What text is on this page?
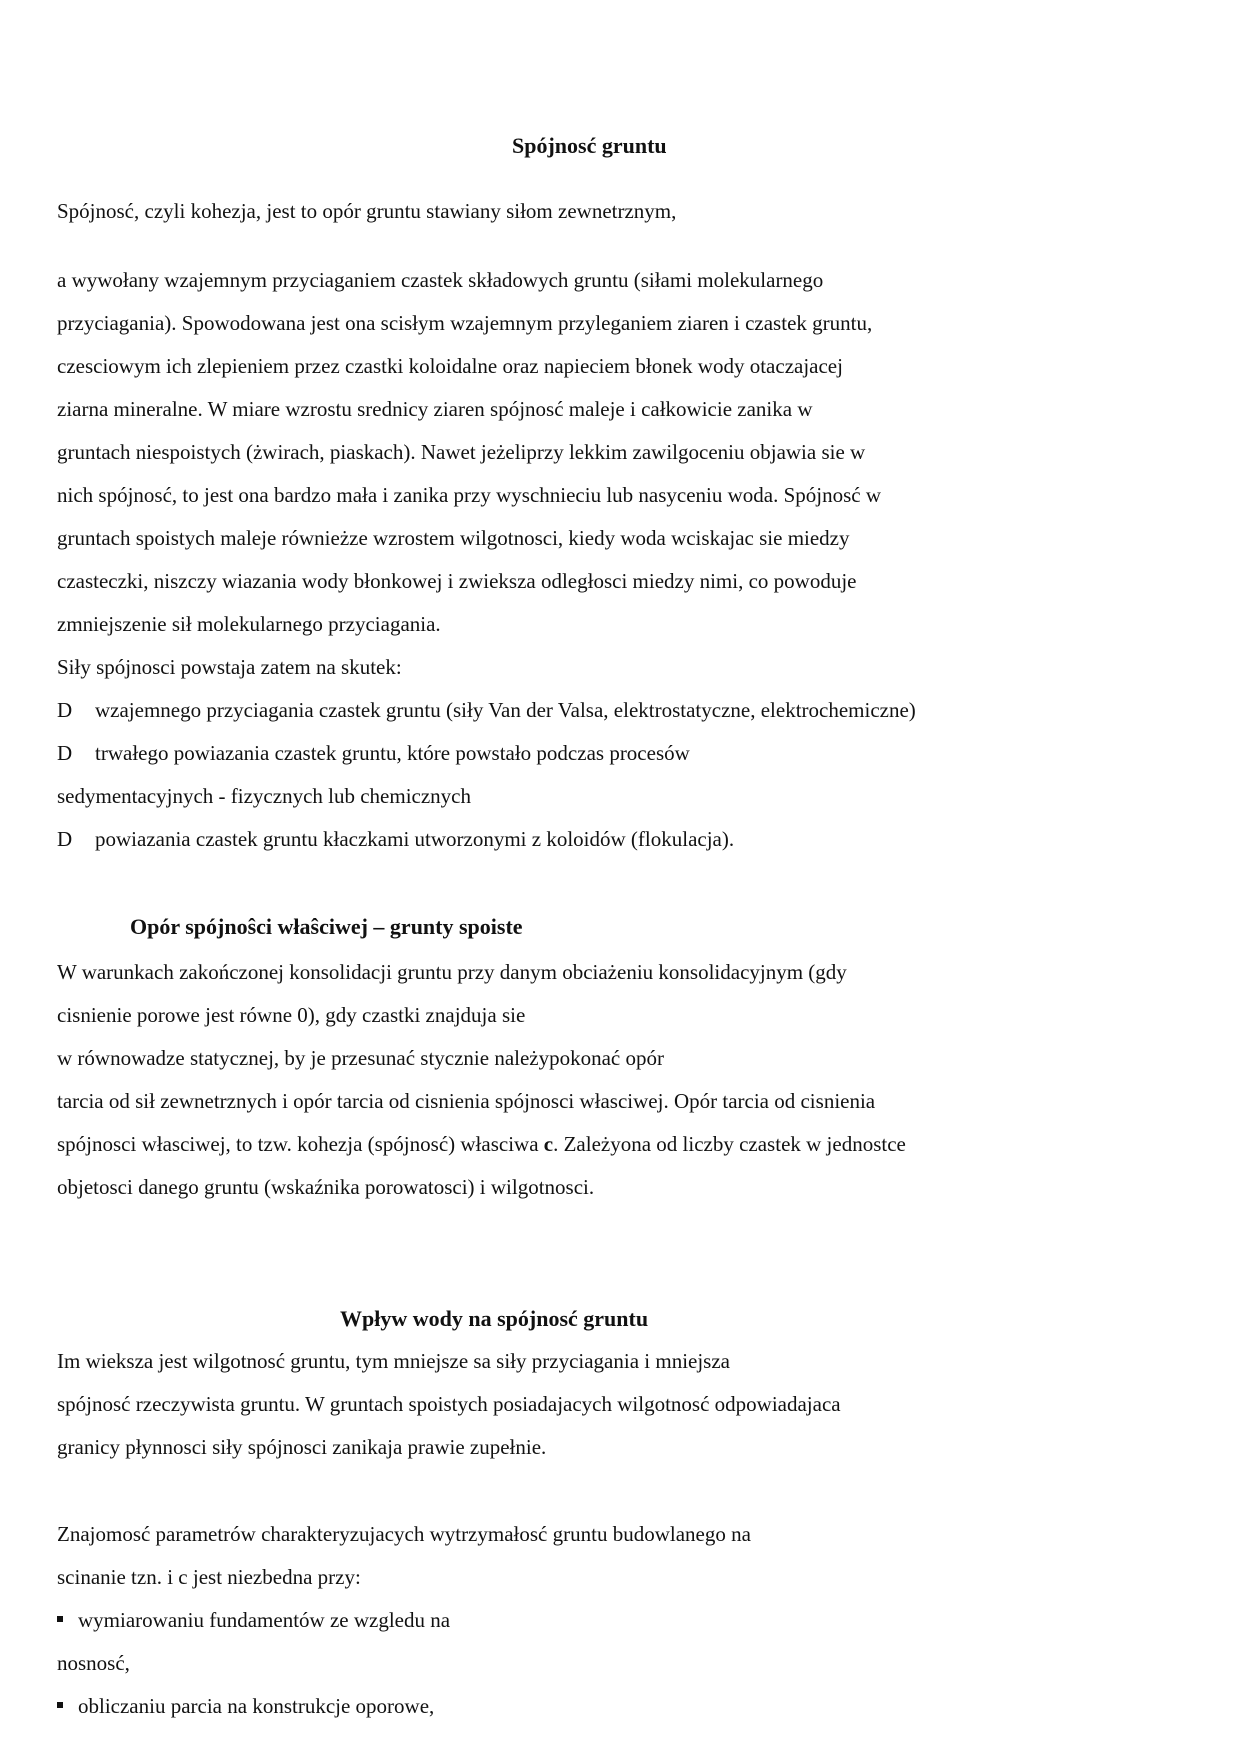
Spójnosć gruntu
Spójnosć, czyli kohezja, jest to opór gruntu stawiany siłom zewnetrznym,
a wywołany wzajemnym przyciaganiem czastek składowych gruntu (siłami molekularnego
przyciagania). Spowodowana jest ona scisłym wzajemnym przyleganiem ziaren i czastek gruntu,
czesciowym ich zlepieniem przez czastki koloidalne oraz napieciem błonek wody otaczajacej
ziarna mineralne. W miare wzrostu srednicy ziaren spójnosć maleje i całkowicie zanika w
gruntach niespoistych (żwirach, piaskach). Nawet jeżeliprzy lekkim zawilgoceniu objawia sie w
nich spójnosć, to jest ona bardzo mała i zanika przy wyschnieciu lub nasyceniu woda. Spójnosć w
gruntach spoistych maleje równieżze wzrostem wilgotnosci, kiedy woda wciskajac sie miedzy
czasteczki, niszczy wiazania wody błonkowej i zwieksza odległosci miedzy nimi, co powoduje
zmniejszenie sił molekularnego przyciagania.
Siły spójnosci powstaja zatem na skutek:
D wzajemnego przyciagania czastek gruntu (siły Van der Valsa, elektrostatyczne, elektrochemiczne)
D trwałego powiazania czastek gruntu, które powstało podczas procesów
sedymentacyjnych - fizycznych lub chemicznych
D powiazania czastek gruntu kłaczkami utworzonymi z koloidów (flokulacja).
Opór spójnoŝci właŝciwej – grunty spoiste
W warunkach zakończonej konsolidacji gruntu przy danym obciażeniu konsolidacyjnym (gdy
cisnienie porowe jest równe 0), gdy czastki znajduja sie
w równowadze statycznej, by je przesunać stycznie należypokonać opór
tarcia od sił zewnetrznych i opór tarcia od cisnienia spójnosci własciwej. Opór tarcia od cisnienia
spójnosci własciwej, to tzw. kohezja (spójnosć) własciwa c. Zależyona od liczby czastek w jednostce
objetosci danego gruntu (wskaźnika porowatosci) i wilgotnosci.
Wpływ wody na spójnosć gruntu
Im wieksza jest wilgotnosć gruntu, tym mniejsze sa siły przyciagania i mniejsza
spójnosć rzeczywista gruntu. W gruntach spoistych posiadajacych wilgotnosć odpowiadajaca
granicy płynnosci siły spójnosci zanikaja prawie zupełnie.
Znajomosć parametrów charakteryzujacych wytrzymałosć gruntu budowlanego na
scinanie tzn. i c jest niezbedna przy:
wymiarowaniu fundamentów ze wzgledu na
nosnosć,
obliczaniu parcia na konstrukcje oporowe,
